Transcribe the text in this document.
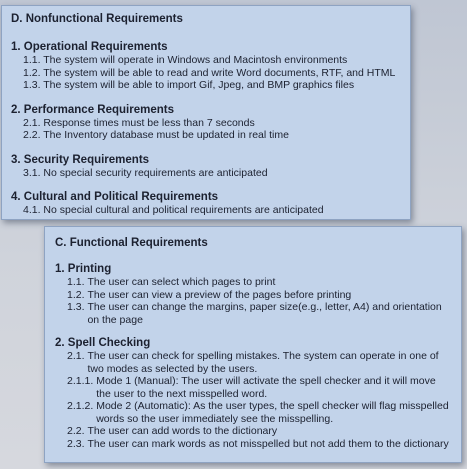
D. Nonfunctional Requirements
1. Operational Requirements
1.1. The system will operate in Windows and Macintosh environments
1.2. The system will be able to read and write Word documents, RTF, and HTML
1.3. The system will be able to import Gif, Jpeg, and BMP graphics files
2. Performance Requirements
2.1. Response times must be less than 7 seconds
2.2. The Inventory database must be updated in real time
3. Security Requirements
3.1. No special security requirements are anticipated
4. Cultural and Political Requirements
4.1. No special cultural and political requirements are anticipated
C. Functional Requirements
1. Printing
1.1. The user can select which pages to print
1.2. The user can view a preview of the pages before printing
1.3. The user can change the margins, paper size(e.g., letter, A4) and orientation on the page
2. Spell Checking
2.1. The user can check for spelling mistakes. The system can operate in one of two modes as selected by the users.
2.1.1. Mode 1 (Manual): The user will activate the spell checker and it will move the user to the next misspelled word.
2.1.2. Mode 2 (Automatic): As the user types, the spell checker will flag misspelled words so the user immediately see the misspelling.
2.2. The user can add words to the dictionary
2.3. The user can mark words as not misspelled but not add them to the dictionary
